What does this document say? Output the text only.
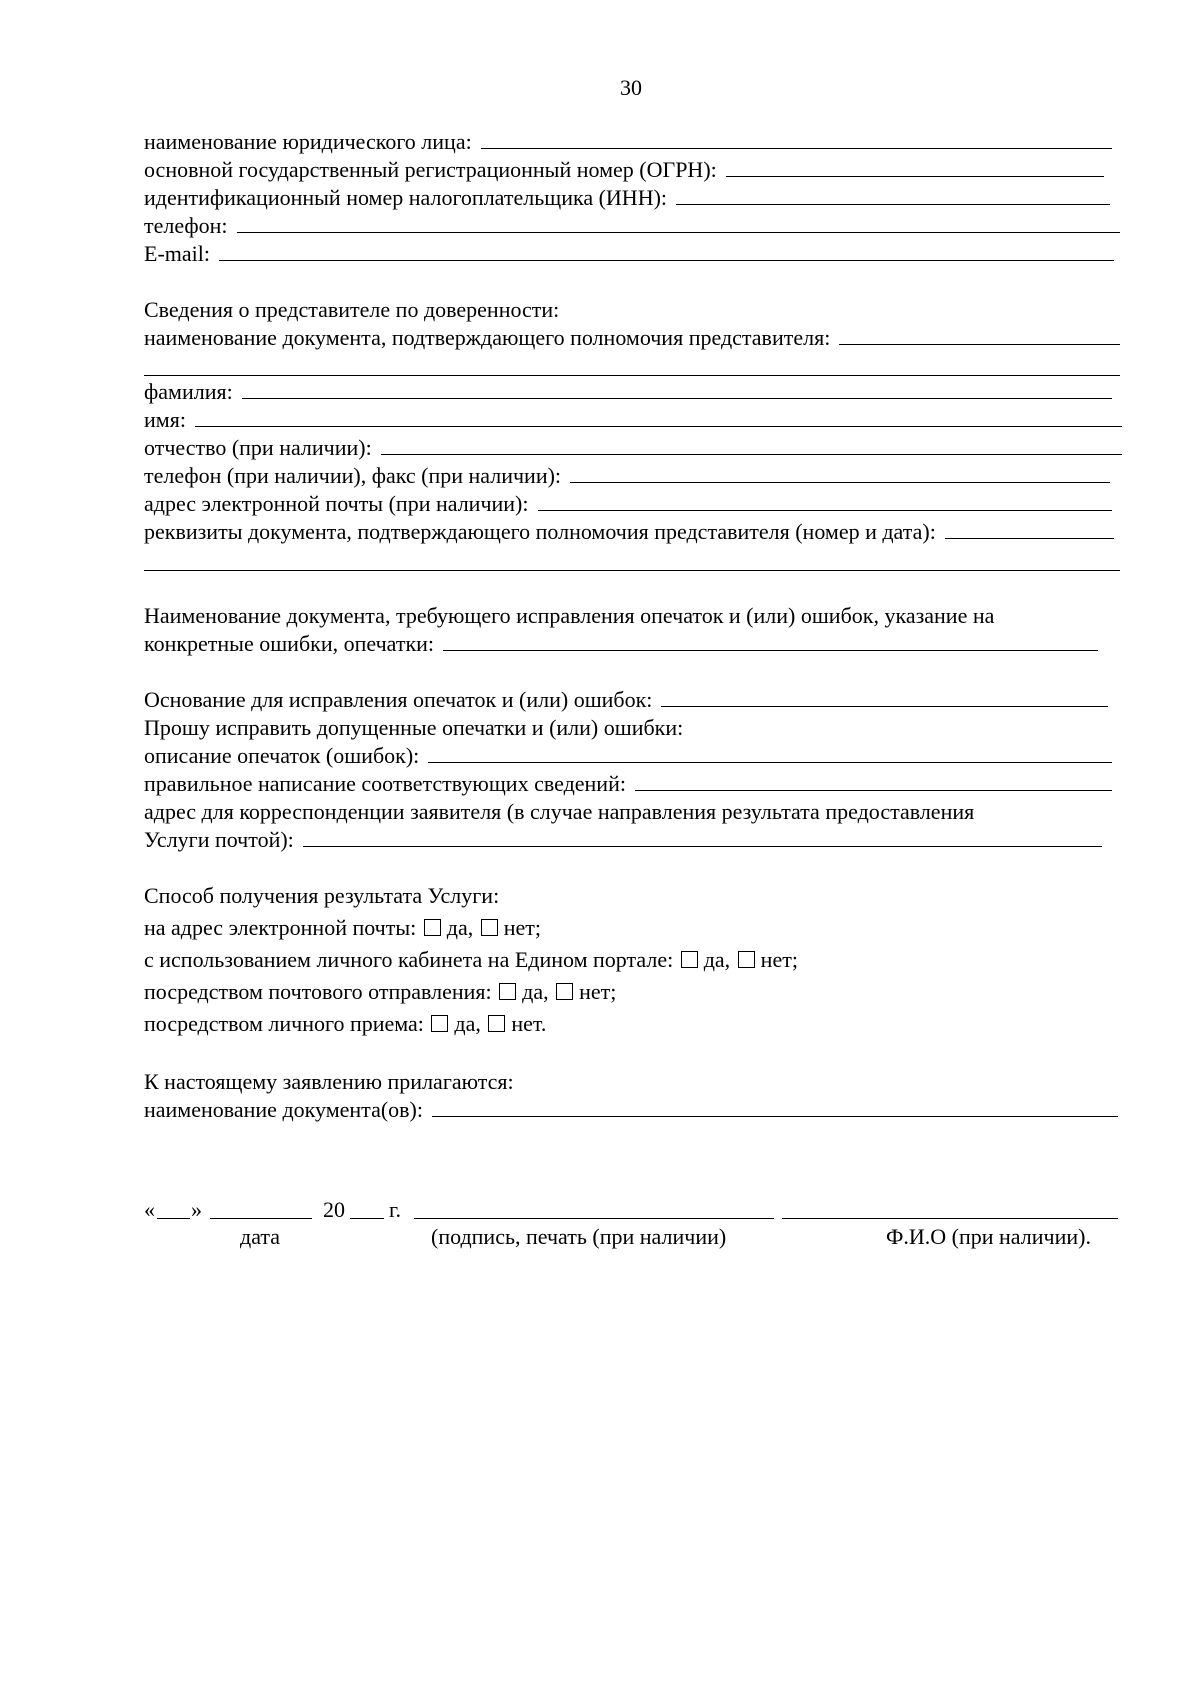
30
наименование юридического лица:
основной государственный регистрационный номер (ОГРН):
идентификационный номер налогоплательщика (ИНН):
телефон:
E-mail:
Сведения о представителе по доверенности:
наименование документа, подтверждающего полномочия представителя:
фамилия:
имя:
отчество (при наличии):
телефон (при наличии), факс (при наличии):
адрес электронной почты (при наличии):
реквизиты документа, подтверждающего полномочия представителя (номер и дата):
Наименование документа, требующего исправления опечаток и (или) ошибок, указание на
конкретные ошибки, опечатки:
Основание для исправления опечаток и (или) ошибок:
Прошу исправить допущенные опечатки и (или) ошибки:
описание опечаток (ошибок):
правильное написание соответствующих сведений:
адрес для корреспонденции заявителя (в случае направления результата предоставления
Услуги почтой):
Способ получения результата Услуги:
на адрес электронной почты: да, нет;
с использованием личного кабинета на Едином портале: да, нет;
посредством почтового отправления: да, нет;
посредством личного приема: да, нет.
К настоящему заявлению прилагаются:
наименование документа(ов):
« »	20 г.
дата	(подпись, печать (при наличии)	Ф.И.О (при наличии).
